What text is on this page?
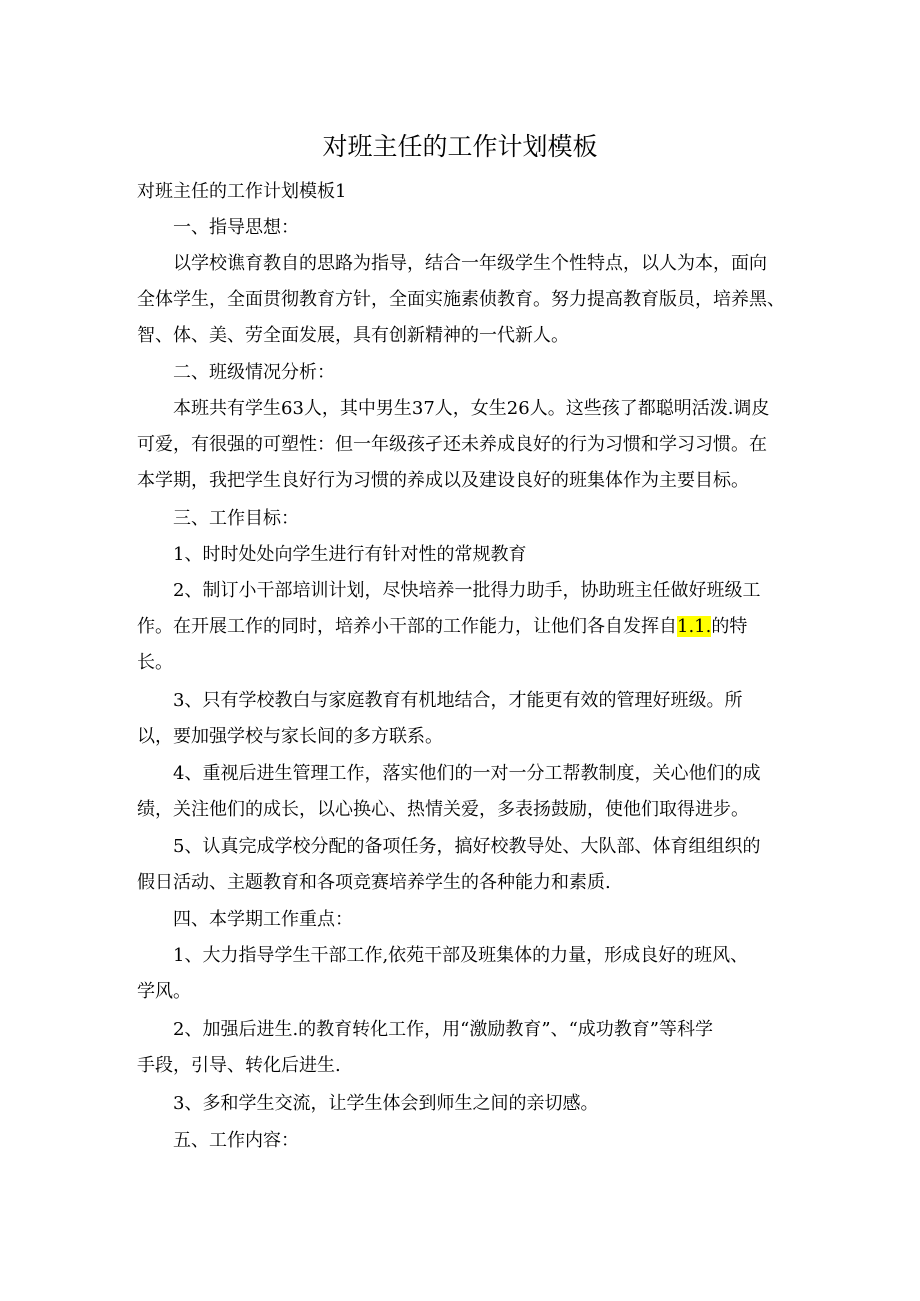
对班主任的工作计划模板
对班主任的工作计划模板1
一、指导思想：
以学校谯育教自的思路为指导，结合一年级学生个性特点，以人为本，面向
全体学生，全面贯彻教育方针，全面实施素侦教育。努力提高教育版员，培养黑、
智、体、美、劳全面发展，具有创新精神的一代新人。
二、班级情况分析：
本班共有学生63人，其中男生37人，女生26人。这些孩了都聪明活泼.调皮
可爱，有很强的可塑性：但一年级孩孑还未养成良好的行为习惯和学习习惯。在
本学期，我把学生良好行为习惯的养成以及建设良好的班集体作为主要目标。
三、工作目标：
1、时时处处向学生进行有针对性的常规教育
2、制订小干部培训计划，尽快培养一批得力助手，协助班主任做好班级工
作。在开展工作的同时，培养小干部的工作能力，让他们各自发挥自1.1.的特
长。
3、只有学校教白与家庭教育有机地结合，才能更有效的管理好班级。所
以，要加强学校与家长间的多方联系。
4、重视后进生管理工作，落实他们的一对一分工帮教制度，关心他们的成
绩，关注他们的成长，以心换心、热情关爱，多表扬鼓励，使他们取得进步。
5、认真完成学校分配的备项任务，搞好校教导处、大队部、体育组组织的
假日活动、主题教育和各项竞赛培养学生的各种能力和素质.
四、本学期工作重点：
1、大力指导学生干部工作,依苑干部及班集体的力量，形成良好的班风、
学风。
2、加强后进生.的教育转化工作，用“激励教育”、“成功教育”等科学
手段，引导、转化后进生.
3、多和学生交流，让学生体会到师生之间的亲切感。
五、工作内容：
